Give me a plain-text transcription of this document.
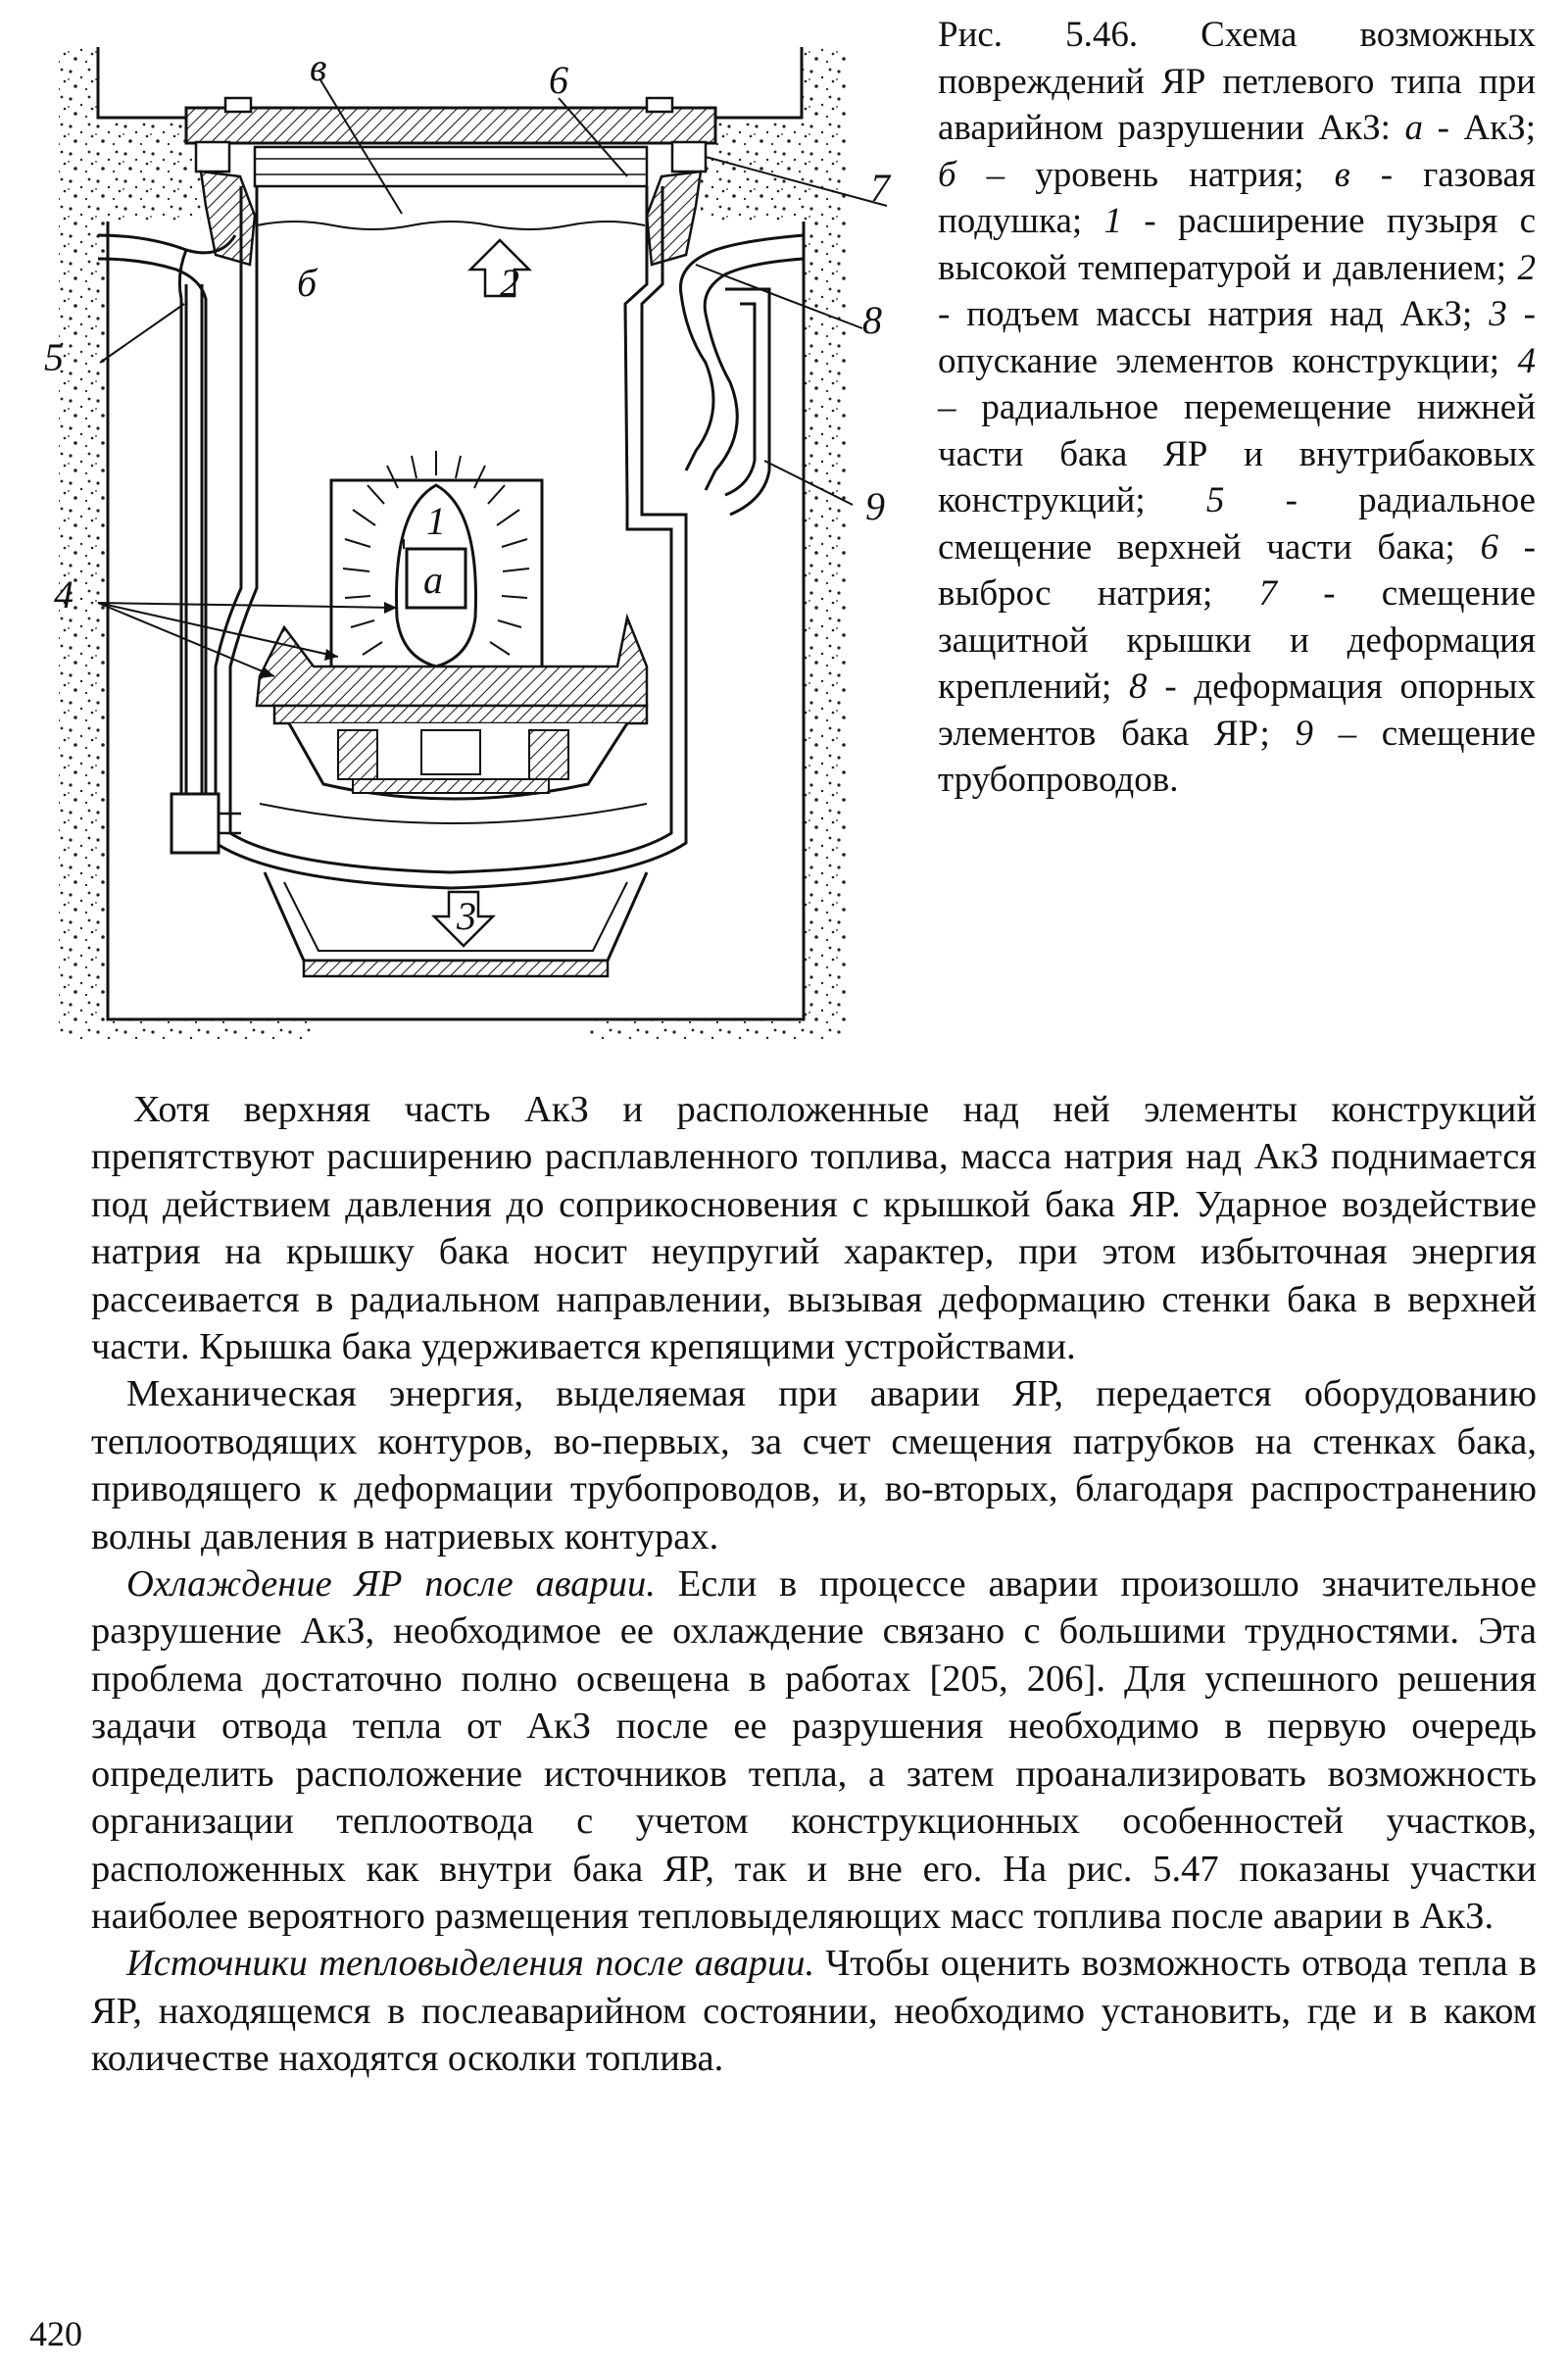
в	6
7
б	2
8
5
9
1
4	а
3
Рис. 5.46. Схема возможных повреждений ЯР петлевого типа при аварийном разрушении АкЗ: а - АкЗ; б – уровень натрия; в - газовая подушка; 1 - расширение пузыря с высокой температурой и давлением; 2 - подъем массы натрия над АкЗ; 3 - опускание элементов конструкции; 4 – радиальное перемещение нижней части бака ЯР и внутрибаковых конструкций; 5 - радиальное смещение верхней части бака; 6 - выброс натрия; 7 - смещение защитной крышки и деформация креплений; 8 - деформация опорных элементов бака ЯР; 9 – смещение трубопроводов.

Хотя верхняя часть АкЗ и расположенные над ней элементы конструкций препятствуют расширению расплавленного топлива, масса натрия над АкЗ поднимается под действием давления до соприкосновения с крышкой бака ЯР. Ударное воздействие натрия на крышку бака носит неупругий характер, при этом избыточная энергия рассеивается в радиальном направлении, вызывая деформацию стенки бака в верхней части. Крышка бака удерживается крепящими устройствами.

Механическая энергия, выделяемая при аварии ЯР, передается оборудованию теплоотводящих контуров, во-первых, за счет смещения патрубков на стенках бака, приводящего к деформации трубопроводов, и, во-вторых, благодаря распространению волны давления в натриевых контурах.

Охлаждение ЯР после аварии. Если в процессе аварии произошло значительное разрушение АкЗ, необходимое ее охлаждение связано с большими трудностями. Эта проблема достаточно полно освещена в работах [205, 206]. Для успешного решения задачи отвода тепла от АкЗ после ее разрушения необходимо в первую очередь определить расположение источников тепла, а затем проанализировать возможность организации теплоотвода с учетом конструкционных особенностей участков, расположенных как внутри бака ЯР, так и вне его. На рис. 5.47 показаны участки наиболее вероятного размещения тепловыделяющих масс топлива после аварии в АкЗ.

Источники тепловыделения после аварии. Чтобы оценить возможность отвода тепла в ЯР, находящемся в послеаварийном состоянии, необходимо установить, где и в каком количестве находятся осколки топлива.

420
